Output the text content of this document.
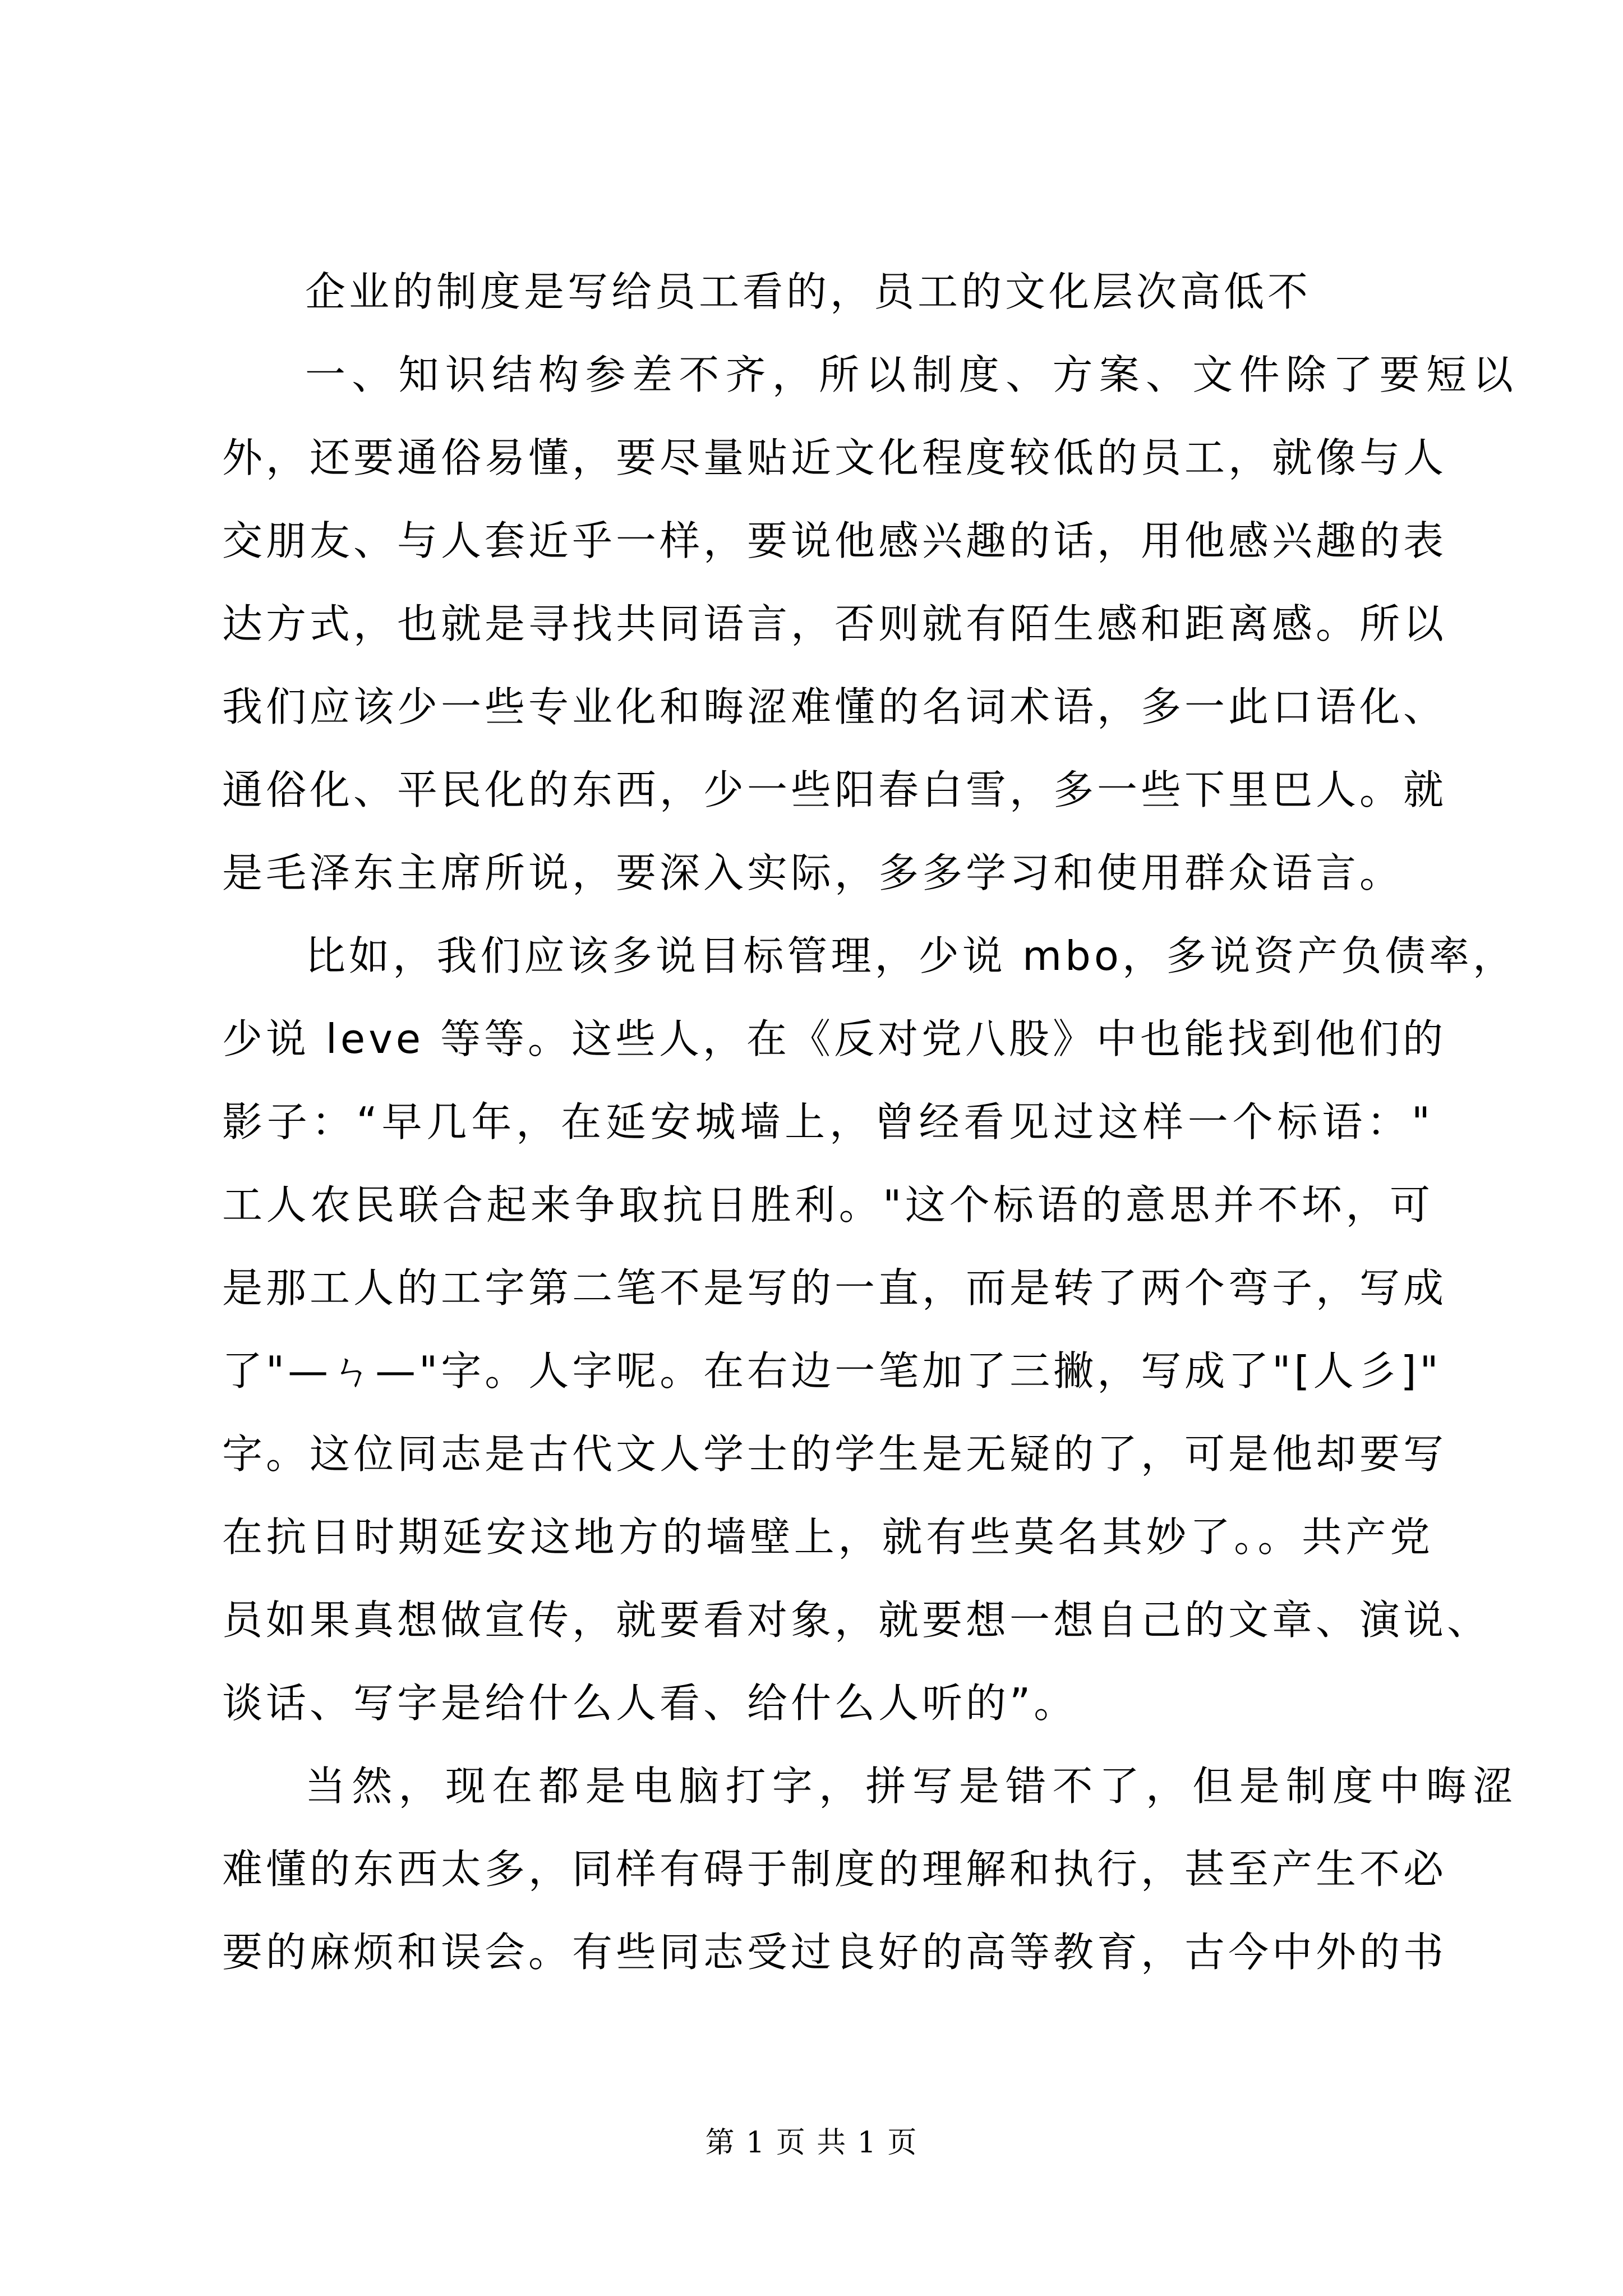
企业的制度是写给员工看的，员工的文化层次高低不
一、知识结构参差不齐，所以制度、方案、文件除了要短以
外，还要通俗易懂，要尽量贴近文化程度较低的员工，就像与人
交朋友、与人套近乎一样，要说他感兴趣的话，用他感兴趣的表
达方式，也就是寻找共同语言，否则就有陌生感和距离感。所以
我们应该少一些专业化和晦涩难懂的名词术语，多一此口语化、
通俗化、平民化的东西，少一些阳春白雪，多一些下里巴人。就
是毛泽东主席所说，要深入实际，多多学习和使用群众语言。
比如，我们应该多说目标管理，少说 mbo，多说资产负债率，
少说 leve 等等。这些人，在《反对党八股》中也能找到他们的
影子：“早几年，在延安城墙上，曾经看见过这样一个标语："
工人农民联合起来争取抗日胜利。"这个标语的意思并不坏，可
是那工人的工字第二笔不是写的一直，而是转了两个弯子，写成
了"—ㄣ—"字。人字呢。在右边一笔加了三撇，写成了"[人彡]"
字。这位同志是古代文人学士的学生是无疑的了，可是他却要写
在抗日时期延安这地方的墙壁上，就有些莫名其妙了。。共产党
员如果真想做宣传，就要看对象，就要想一想自己的文章、演说、
谈话、写字是给什么人看、给什么人听的”。
当然，现在都是电脑打字，拼写是错不了，但是制度中晦涩
难懂的东西太多，同样有碍于制度的理解和执行，甚至产生不必
要的麻烦和误会。有些同志受过良好的高等教育，古今中外的书
第 1 页 共 1 页
